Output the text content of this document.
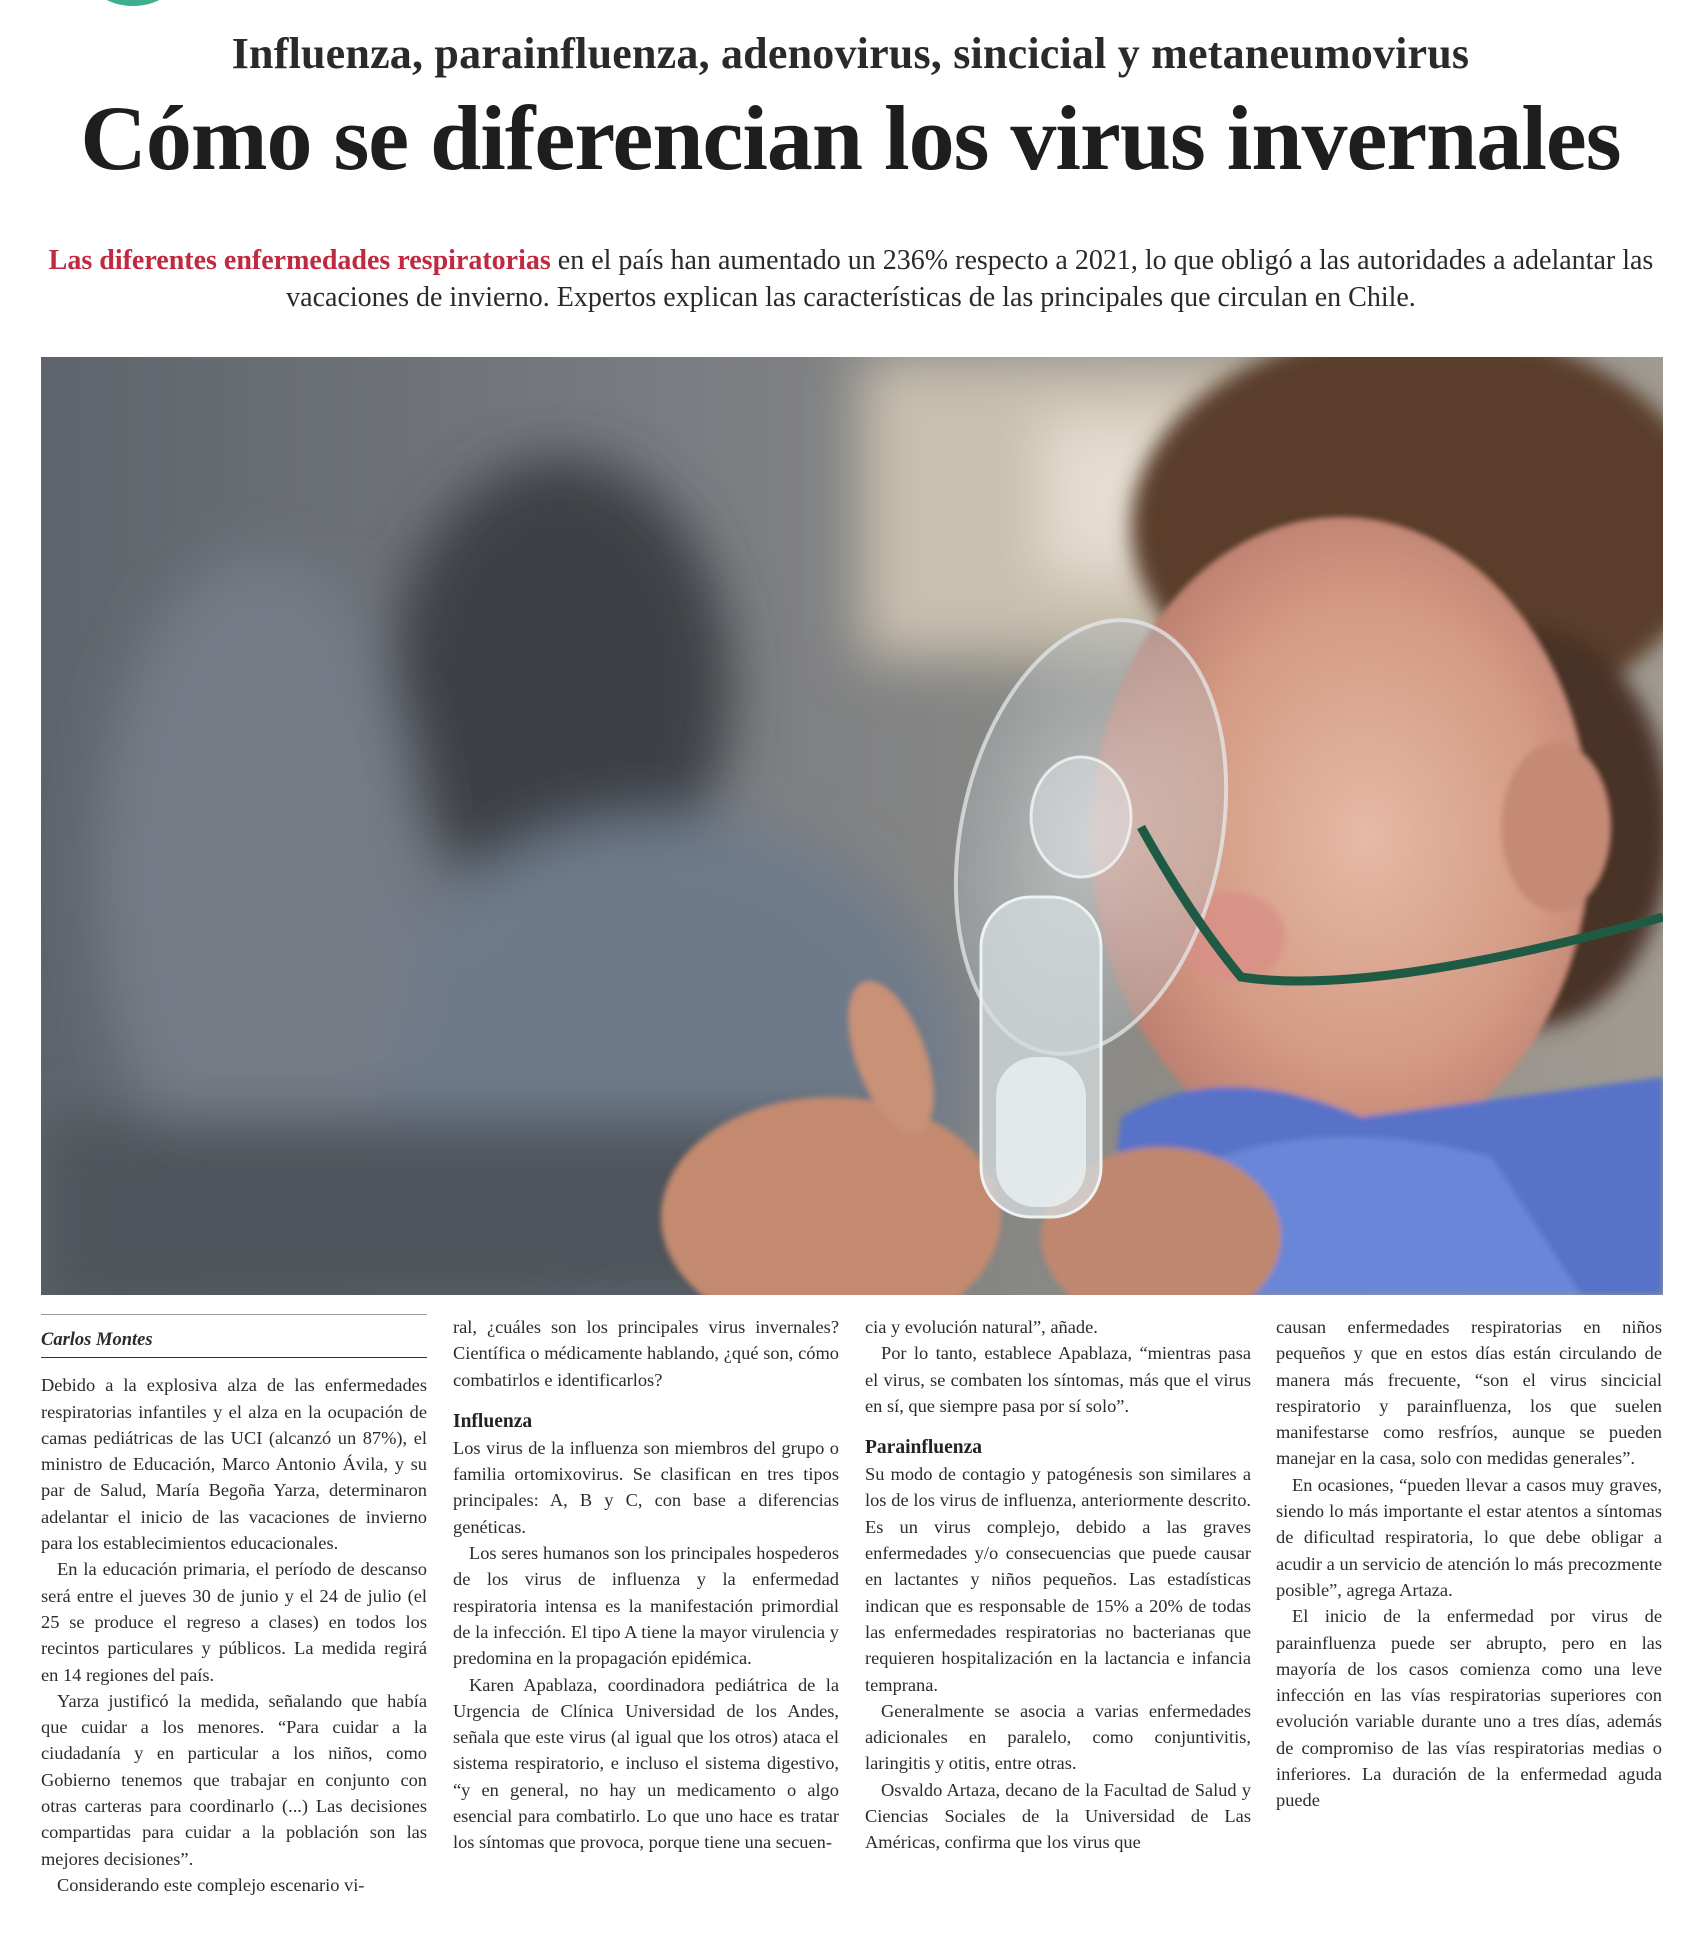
Influenza, parainfluenza, adenovirus, sincicial y metaneumovirus
Cómo se diferencian los virus invernales
Las diferentes enfermedades respiratorias en el país han aumentado un 236% respecto a 2021, lo que obligó a las autoridades a adelantar las vacaciones de invierno. Expertos explican las características de las principales que circulan en Chile.
Carlos Montes

Debido a la explosiva alza de las enfermedades respiratorias infantiles y el alza en la ocupación de camas pediátricas de las UCI (alcanzó un 87%), el ministro de Educación, Marco Antonio Ávila, y su par de Salud, María Begoña Yarza, determinaron adelantar el inicio de las vacaciones de invierno para los establecimientos educacionales.

En la educación primaria, el período de descanso será entre el jueves 30 de junio y el 24 de julio (el 25 se produce el regreso a clases) en todos los recintos particulares y públicos. La medida regirá en 14 regiones del país.

Yarza justificó la medida, señalando que había que cuidar a los menores. “Para cuidar a la ciudadanía y en particular a los niños, como Gobierno tenemos que trabajar en conjunto con otras carteras para coordinarlo (...) Las decisiones compartidas para cuidar a la población son las mejores decisiones”.

Considerando este complejo escenario vi-

ral, ¿cuáles son los principales virus invernales? Científica o médicamente hablando, ¿qué son, cómo combatirlos e identificarlos?

Influenza

Los virus de la influenza son miembros del grupo o familia ortomixovirus. Se clasifican en tres tipos principales: A, B y C, con base a diferencias genéticas.

Los seres humanos son los principales hospederos de los virus de influenza y la enfermedad respiratoria intensa es la manifestación primordial de la infección. El tipo A tiene la mayor virulencia y predomina en la propagación epidémica.

Karen Apablaza, coordinadora pediátrica de la Urgencia de Clínica Universidad de los Andes, señala que este virus (al igual que los otros) ataca el sistema respiratorio, e incluso el sistema digestivo, “y en general, no hay un medicamento o algo esencial para combatirlo. Lo que uno hace es tratar los síntomas que provoca, porque tiene una secuen-

cia y evolución natural”, añade.

Por lo tanto, establece Apablaza, “mientras pasa el virus, se combaten los síntomas, más que el virus en sí, que siempre pasa por sí solo”.

Parainfluenza

Su modo de contagio y patogénesis son similares a los de los virus de influenza, anteriormente descrito. Es un virus complejo, debido a las graves enfermedades y/o consecuencias que puede causar en lactantes y niños pequeños. Las estadísticas indican que es responsable de 15% a 20% de todas las enfermedades respiratorias no bacterianas que requieren hospitalización en la lactancia e infancia temprana.

Generalmente se asocia a varias enfermedades adicionales en paralelo, como conjuntivitis, laringitis y otitis, entre otras.

Osvaldo Artaza, decano de la Facultad de Salud y Ciencias Sociales de la Universidad de Las Américas, confirma que los virus que

causan enfermedades respiratorias en niños pequeños y que en estos días están circulando de manera más frecuente, “son el virus sincicial respiratorio y parainfluenza, los que suelen manifestarse como resfríos, aunque se pueden manejar en la casa, solo con medidas generales”.

En ocasiones, “pueden llevar a casos muy graves, siendo lo más importante el estar atentos a síntomas de dificultad respiratoria, lo que debe obligar a acudir a un servicio de atención lo más precozmente posible”, agrega Artaza.

El inicio de la enfermedad por virus de parainfluenza puede ser abrupto, pero en las mayoría de los casos comienza como una leve infección en las vías respiratorias superiores con evolución variable durante uno a tres días, además de compromiso de las vías respiratorias medias o inferiores. La duración de la enfermedad aguda puede
